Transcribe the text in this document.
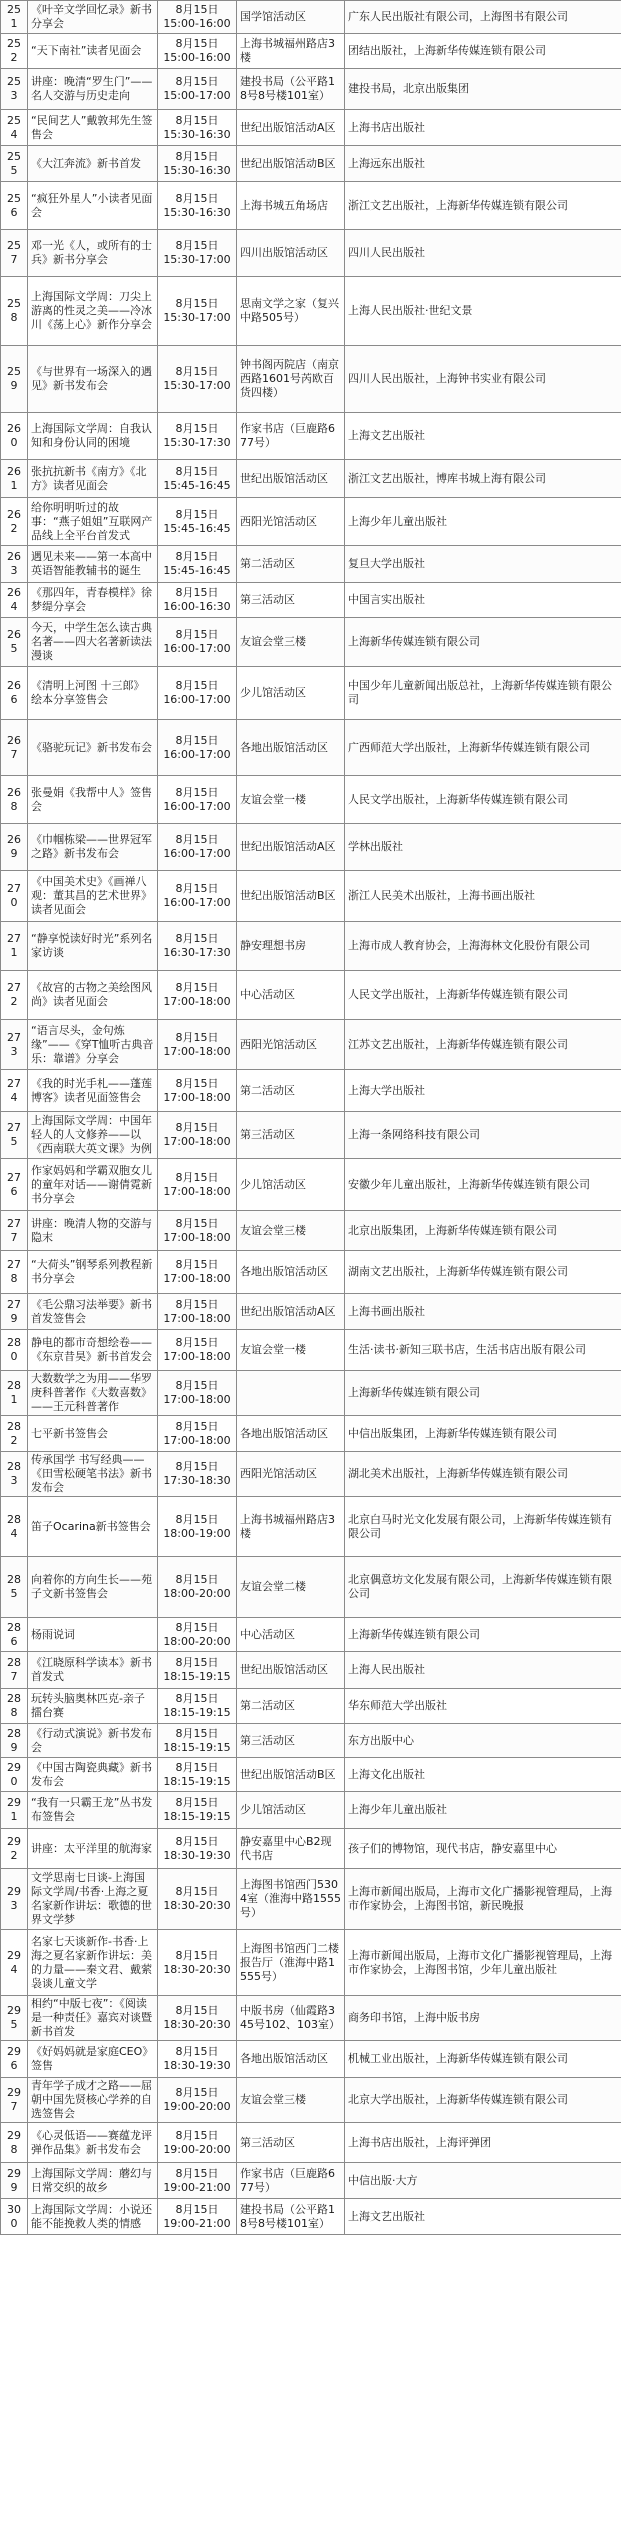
251	《叶辛文学回忆录》新书分享会	8月15日
15:00-16:00	国学馆活动区	广东人民出版社有限公司，上海图书有限公司
252	“天下南社”读者见面会	8月15日
15:00-16:00	上海书城福州路店3楼	团结出版社，上海新华传媒连锁有限公司
253	讲座：晚清“罗生门”——名人交游与历史走向	8月15日
15:00-17:00	建投书局（公平路18号8号楼101室）	建投书局，北京出版集团
254	“民间艺人”戴敦邦先生签售会	8月15日
15:30-16:30	世纪出版馆活动A区	上海书店出版社
255	《大江奔流》新书首发	8月15日
15:30-16:30	世纪出版馆活动B区	上海远东出版社
256	“疯狂外星人”小读者见面会	8月15日
15:30-16:30	上海书城五角场店	浙江文艺出版社，上海新华传媒连锁有限公司
257	邓一光《人，或所有的士兵》新书分享会	8月15日
15:30-17:00	四川出版馆活动区	四川人民出版社
258	上海国际文学周：刀尖上游离的性灵之美——冷冰川《荡上心》新作分享会	8月15日
15:30-17:00	思南文学之家（复兴中路505号）	上海人民出版社·世纪文景
259	《与世界有一场深入的遇见》新书发布会	8月15日
15:30-17:00	钟书阁丙院店（南京西路1601号芮欧百货四楼）	四川人民出版社，上海钟书实业有限公司
260	上海国际文学周：自我认知和身份认同的困境	8月15日
15:30-17:30	作家书店（巨鹿路677号）	上海文艺出版社
261	张抗抗新书《南方》《北方》读者见面会	8月15日
15:45-16:45	世纪出版馆活动区	浙江文艺出版社，博库书城上海有限公司
262	给你明明听过的故事：“燕子姐姐”互联网产品线上全平台首发式	8月15日
15:45-16:45	西阳光馆活动区	上海少年儿童出版社
263	遇见未来——第一本高中英语智能教辅书的诞生	8月15日
15:45-16:45	第二活动区	复旦大学出版社
264	《那四年，青春模样》徐梦缇分享会	8月15日
16:00-16:30	第三活动区	中国言实出版社
265	今天，中学生怎么读古典名著——四大名著新读法漫谈	8月15日
16:00-17:00	友谊会堂三楼	上海新华传媒连锁有限公司
266	《清明上河图 十三郎》绘本分享签售会	8月15日
16:00-17:00	少儿馆活动区	中国少年儿童新闻出版总社，上海新华传媒连锁有限公司
267	《骆驼玩记》新书发布会	8月15日
16:00-17:00	各地出版馆活动区	广西师范大学出版社，上海新华传媒连锁有限公司
268	张曼娟《我帮中人》签售会	8月15日
16:00-17:00	友谊会堂一楼	人民文学出版社，上海新华传媒连锁有限公司
269	《巾帼栋梁——世界冠军之路》新书发布会	8月15日
16:00-17:00	世纪出版馆活动A区	学林出版社
270	《中国美术史》《画禅八观：董其昌的艺术世界》读者见面会	8月15日
16:00-17:00	世纪出版馆活动B区	浙江人民美术出版社，上海书画出版社
271	“静享悦读好时光”系列名家访谈	8月15日
16:30-17:30	静安理想书房	上海市成人教育协会，上海海林文化股份有限公司
272	《故宫的古物之美绘图风尚》读者见面会	8月15日
17:00-18:00	中心活动区	人民文学出版社，上海新华传媒连锁有限公司
273	“语言尽头，金句炼缘”——《穿T恤听古典音乐：靠谱》分享会	8月15日
17:00-18:00	西阳光馆活动区	江苏文艺出版社，上海新华传媒连锁有限公司
274	《我的时光手札——蓬莲博客》读者见面签售会	8月15日
17:00-18:00	第二活动区	上海大学出版社
275	上海国际文学周：中国年轻人的人文修养——以《西南联大英文课》为例	8月15日
17:00-18:00	第三活动区	上海一条网络科技有限公司
276	作家妈妈和学霸双胞女儿的童年对话——谢倩霓新书分享会	8月15日
17:00-18:00	少儿馆活动区	安徽少年儿童出版社，上海新华传媒连锁有限公司
277	讲座：晚清人物的交游与隐末	8月15日
17:00-18:00	友谊会堂三楼	北京出版集团，上海新华传媒连锁有限公司
278	“大荷头”钢琴系列教程新书分享会	8月15日
17:00-18:00	各地出版馆活动区	湖南文艺出版社，上海新华传媒连锁有限公司
279	《毛公鼎习法举要》新书首发签售会	8月15日
17:00-18:00	世纪出版馆活动A区	上海书画出版社
280	静电的都市奇想绘卷——《东京昔昊》新书首发会	8月15日
17:00-18:00	友谊会堂一楼	生活·读书·新知三联书店，生活书店出版有限公司
281	大数数学之为用——华罗庚科普著作《大数喜数》——王元科普著作	8月15日
17:00-18:00		上海新华传媒连锁有限公司
282	七平新书签售会	8月15日
17:00-18:00	各地出版馆活动区	中信出版集团，上海新华传媒连锁有限公司
283	传承国学 书写经典——《田雪松硬笔书法》新书发布会	8月15日
17:30-18:30	西阳光馆活动区	湖北美术出版社，上海新华传媒连锁有限公司
284	笛子Ocarina新书签售会	8月15日
18:00-19:00	上海书城福州路店3楼	北京白马时光文化发展有限公司，上海新华传媒连锁有限公司
285	向着你的方向生长——苑子文新书签售会	8月15日
18:00-20:00	友谊会堂二楼	北京偶意坊文化发展有限公司，上海新华传媒连锁有限公司
286	杨雨说词	8月15日
18:00-20:00	中心活动区	上海新华传媒连锁有限公司
287	《江晓原科学读本》新书首发式	8月15日
18:15-19:15	世纪出版馆活动区	上海人民出版社
288	玩转头脑奥林匹克-亲子擂台赛	8月15日
18:15-19:15	第二活动区	华东师范大学出版社
289	《行动式演说》新书发布会	8月15日
18:15-19:15	第三活动区	东方出版中心
290	《中国古陶瓷典藏》新书发布会	8月15日
18:15-19:15	世纪出版馆活动B区	上海文化出版社
291	“我有一只霸王龙”丛书发布签售会	8月15日
18:15-19:15	少儿馆活动区	上海少年儿童出版社
292	讲座：太平洋里的航海家	8月15日
18:30-19:30	静安嘉里中心B2现代书店	孩子们的博物馆，现代书店，静安嘉里中心
293	文学思南七日谈-上海国际文学周/书香·上海之夏名家新作讲坛：歌德的世界文学梦	8月15日
18:30-20:30	上海图书馆西门5304室（淮海中路1555号）	上海市新闻出版局，上海市文化广播影视管理局，上海市作家协会，上海图书馆，新民晚报
294	名家七天谈新作-书香·上海之夏名家新作讲坛：美的力量——秦文君、戴萦袅谈儿童文学	8月15日
18:30-20:30	上海图书馆西门二楼报告厅（淮海中路1555号）	上海市新闻出版局，上海市文化广播影视管理局，上海市作家协会，上海图书馆，少年儿童出版社
295	相约“中版七夜”：《阅读是一种责任》嘉宾对谈暨新书首发	8月15日
18:30-20:30	中版书房（仙霞路345号102、103室）	商务印书馆，上海中版书房
296	《好妈妈就是家庭CEO》签售	8月15日
18:30-19:30	各地出版馆活动区	机械工业出版社，上海新华传媒连锁有限公司
297	青年学子成才之路——屈朝中国先贤核心学养的自选签售会	8月15日
19:00-20:00	友谊会堂三楼	北京大学出版社，上海新华传媒连锁有限公司
298	《心灵低语——赛蕴龙评弹作品集》新书发布会	8月15日
19:00-20:00	第三活动区	上海书店出版社，上海评弹团
299	上海国际文学周：蘑幻与日常交织的故乡	8月15日
19:00-21:00	作家书店（巨鹿路677号）	中信出版·大方
300	上海国际文学周：小说还能不能挽救人类的情感	8月15日
19:00-21:00	建投书局（公平路18号8号楼101室）	上海文艺出版社
